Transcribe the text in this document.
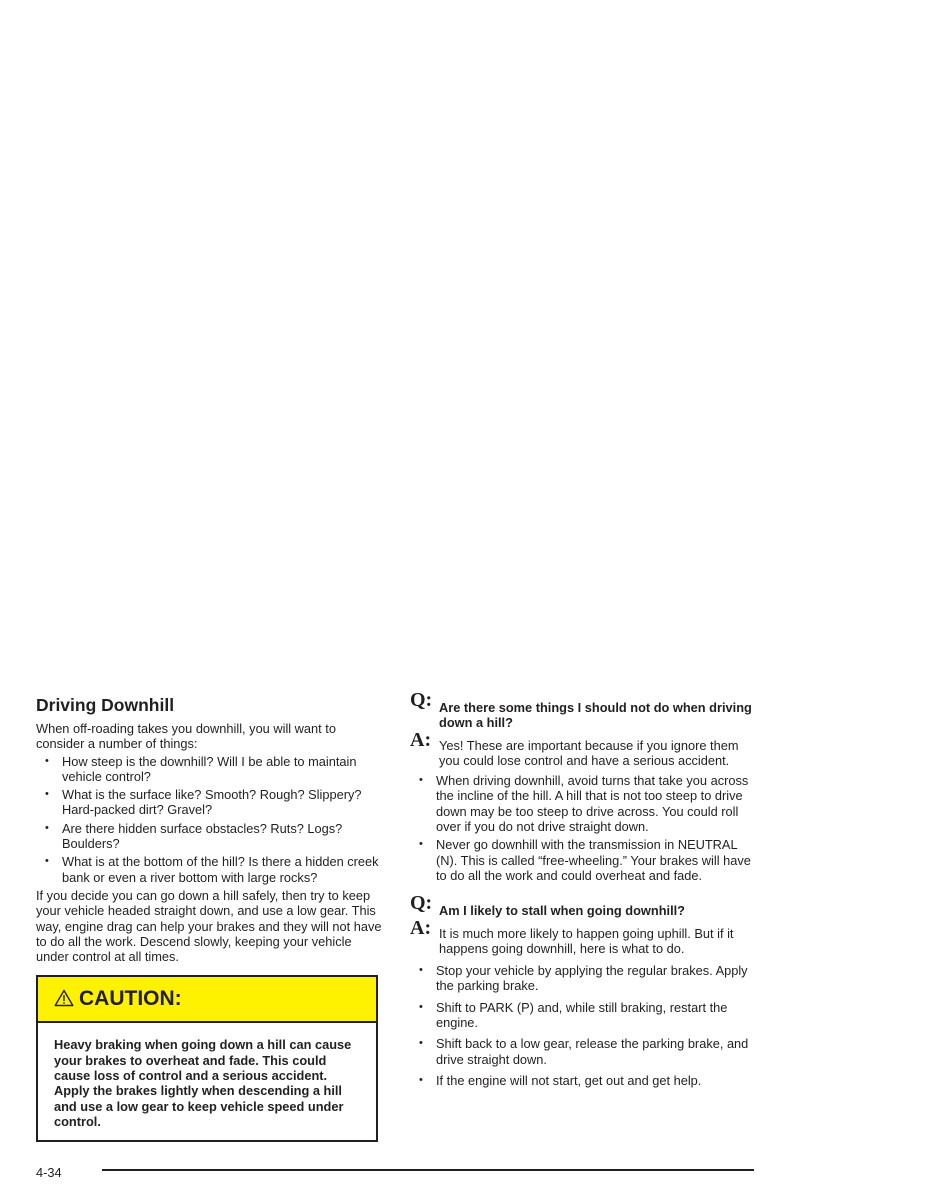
Driving Downhill

When off-roading takes you downhill, you will want to consider a number of things:

• How steep is the downhill? Will I be able to maintain vehicle control?
• What is the surface like? Smooth? Rough? Slippery? Hard-packed dirt? Gravel?
• Are there hidden surface obstacles? Ruts? Logs? Boulders?
• What is at the bottom of the hill? Is there a hidden creek bank or even a river bottom with large rocks?

If you decide you can go down a hill safely, then try to keep your vehicle headed straight down, and use a low gear. This way, engine drag can help your brakes and they will not have to do all the work. Descend slowly, keeping your vehicle under control at all times.

CAUTION:
Heavy braking when going down a hill can cause your brakes to overheat and fade. This could cause loss of control and a serious accident. Apply the brakes lightly when descending a hill and use a low gear to keep vehicle speed under control.
Q: Are there some things I should not do when driving down a hill?
A: Yes! These are important because if you ignore them you could lose control and have a serious accident.
• When driving downhill, avoid turns that take you across the incline of the hill. A hill that is not too steep to drive down may be too steep to drive across. You could roll over if you do not drive straight down.
• Never go downhill with the transmission in NEUTRAL (N). This is called “free-wheeling.” Your brakes will have to do all the work and could overheat and fade.
Q: Am I likely to stall when going downhill?
A: It is much more likely to happen going uphill. But if it happens going downhill, here is what to do.
• Stop your vehicle by applying the regular brakes. Apply the parking brake.
• Shift to PARK (P) and, while still braking, restart the engine.
• Shift back to a low gear, release the parking brake, and drive straight down.
• If the engine will not start, get out and get help.
4-34
